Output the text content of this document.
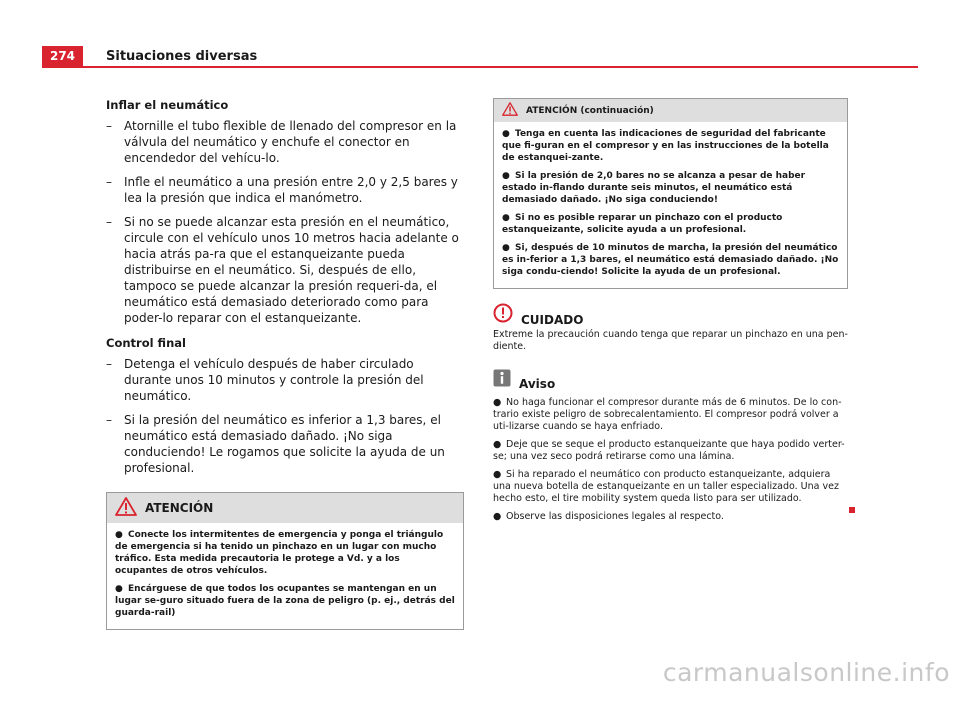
274	Situaciones diversas
Inflar el neumático
– Atornille el tubo flexible de llenado del compresor en la válvula del neumático y enchufe el conector en encendedor del vehícu-lo.
– Infle el neumático a una presión entre 2,0 y 2,5 bares y lea la presión que indica el manómetro.
– Si no se puede alcanzar esta presión en el neumático, circule con el vehículo unos 10 metros hacia adelante o hacia atrás pa-ra que el estanqueizante pueda distribuirse en el neumático. Si, después de ello, tampoco se puede alcanzar la presión requeri-da, el neumático está demasiado deteriorado como para poder-lo reparar con el estanqueizante.
Control final
– Detenga el vehículo después de haber circulado durante unos 10 minutos y controle la presión del neumático.
– Si la presión del neumático es inferior a 1,3 bares, el neumático está demasiado dañado. ¡No siga conduciendo! Le rogamos que solicite la ayuda de un profesional.
ATENCIÓN
● Conecte los intermitentes de emergencia y ponga el triángulo de emergencia si ha tenido un pinchazo en un lugar con mucho tráfico. Esta medida precautoria le protege a Vd. y a los ocupantes de otros vehículos.
● Encárguese de que todos los ocupantes se mantengan en un lugar se-guro situado fuera de la zona de peligro (p. ej., detrás del guarda-rail)
ATENCIÓN (continuación)
● Tenga en cuenta las indicaciones de seguridad del fabricante que fi-guran en el compresor y en las instrucciones de la botella de estanquei-zante.
● Si la presión de 2,0 bares no se alcanza a pesar de haber estado in-flando durante seis minutos, el neumático está demasiado dañado. ¡No siga conduciendo!
● Si no es posible reparar un pinchazo con el producto estanqueizante, solicite ayuda a un profesional.
● Si, después de 10 minutos de marcha, la presión del neumático es in-ferior a 1,3 bares, el neumático está demasiado dañado. ¡No siga condu-ciendo! Solicite la ayuda de un profesional.
CUIDADO

Extreme la precaución cuando tenga que reparar un pinchazo en una pen-diente.

Aviso
● No haga funcionar el compresor durante más de 6 minutos. De lo con-trario existe peligro de sobrecalentamiento. El compresor podrá volver a uti-lizarse cuando se haya enfriado.
● Deje que se seque el producto estanqueizante que haya podido verter-se; una vez seco podrá retirarse como una lámina.
● Si ha reparado el neumático con producto estanqueizante, adquiera una nueva botella de estanqueizante en un taller especializado. Una vez hecho esto, el tire mobility system queda listo para ser utilizado.
● Observe las disposiciones legales al respecto.
carmanualsonline.info
